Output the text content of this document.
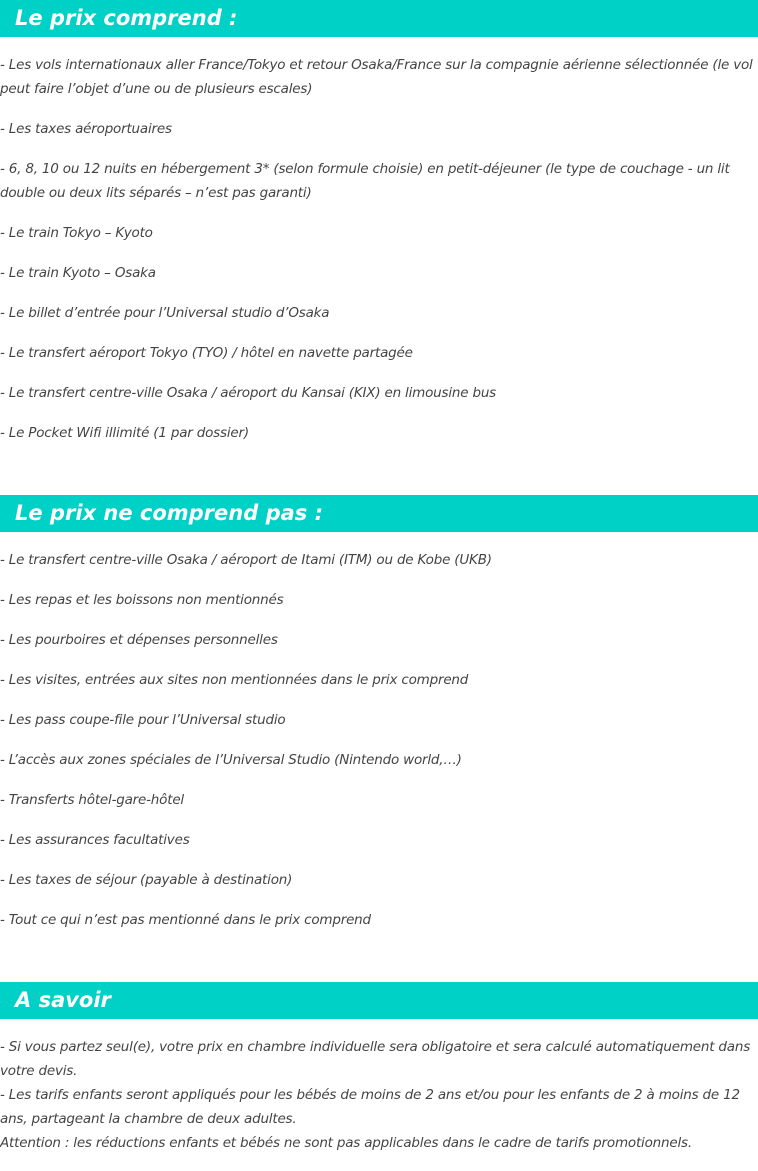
Le prix comprend :

- Les vols internationaux aller France/Tokyo et retour Osaka/France sur la compagnie aérienne sélectionnée (le vol peut faire l’objet d’une ou de plusieurs escales)

- Les taxes aéroportuaires

- 6, 8, 10 ou 12 nuits en hébergement 3* (selon formule choisie) en petit-déjeuner (le type de couchage - un lit double ou deux lits séparés – n’est pas garanti)

- Le train Tokyo – Kyoto

- Le train Kyoto – Osaka

- Le billet d’entrée pour l’Universal studio d’Osaka

- Le transfert aéroport Tokyo (TYO) / hôtel en navette partagée

- Le transfert centre-ville Osaka / aéroport du Kansai (KIX) en limousine bus

- Le Pocket Wifi illimité (1 par dossier)

Le prix ne comprend pas :

- Le transfert centre-ville Osaka / aéroport de Itami (ITM) ou de Kobe (UKB)

- Les repas et les boissons non mentionnés

- Les pourboires et dépenses personnelles

- Les visites, entrées aux sites non mentionnées dans le prix comprend

- Les pass coupe-file pour l’Universal studio

- L’accès aux zones spéciales de l’Universal Studio (Nintendo world,…)

- Transferts hôtel-gare-hôtel

- Les assurances facultatives

- Les taxes de séjour (payable à destination)

- Tout ce qui n’est pas mentionné dans le prix comprend

A savoir

- Si vous partez seul(e), votre prix en chambre individuelle sera obligatoire et sera calculé automatiquement dans votre devis.

- Les tarifs enfants seront appliqués pour les bébés de moins de 2 ans et/ou pour les enfants de 2 à moins de 12 ans, partageant la chambre de deux adultes.

Attention : les réductions enfants et bébés ne sont pas applicables dans le cadre de tarifs promotionnels.
